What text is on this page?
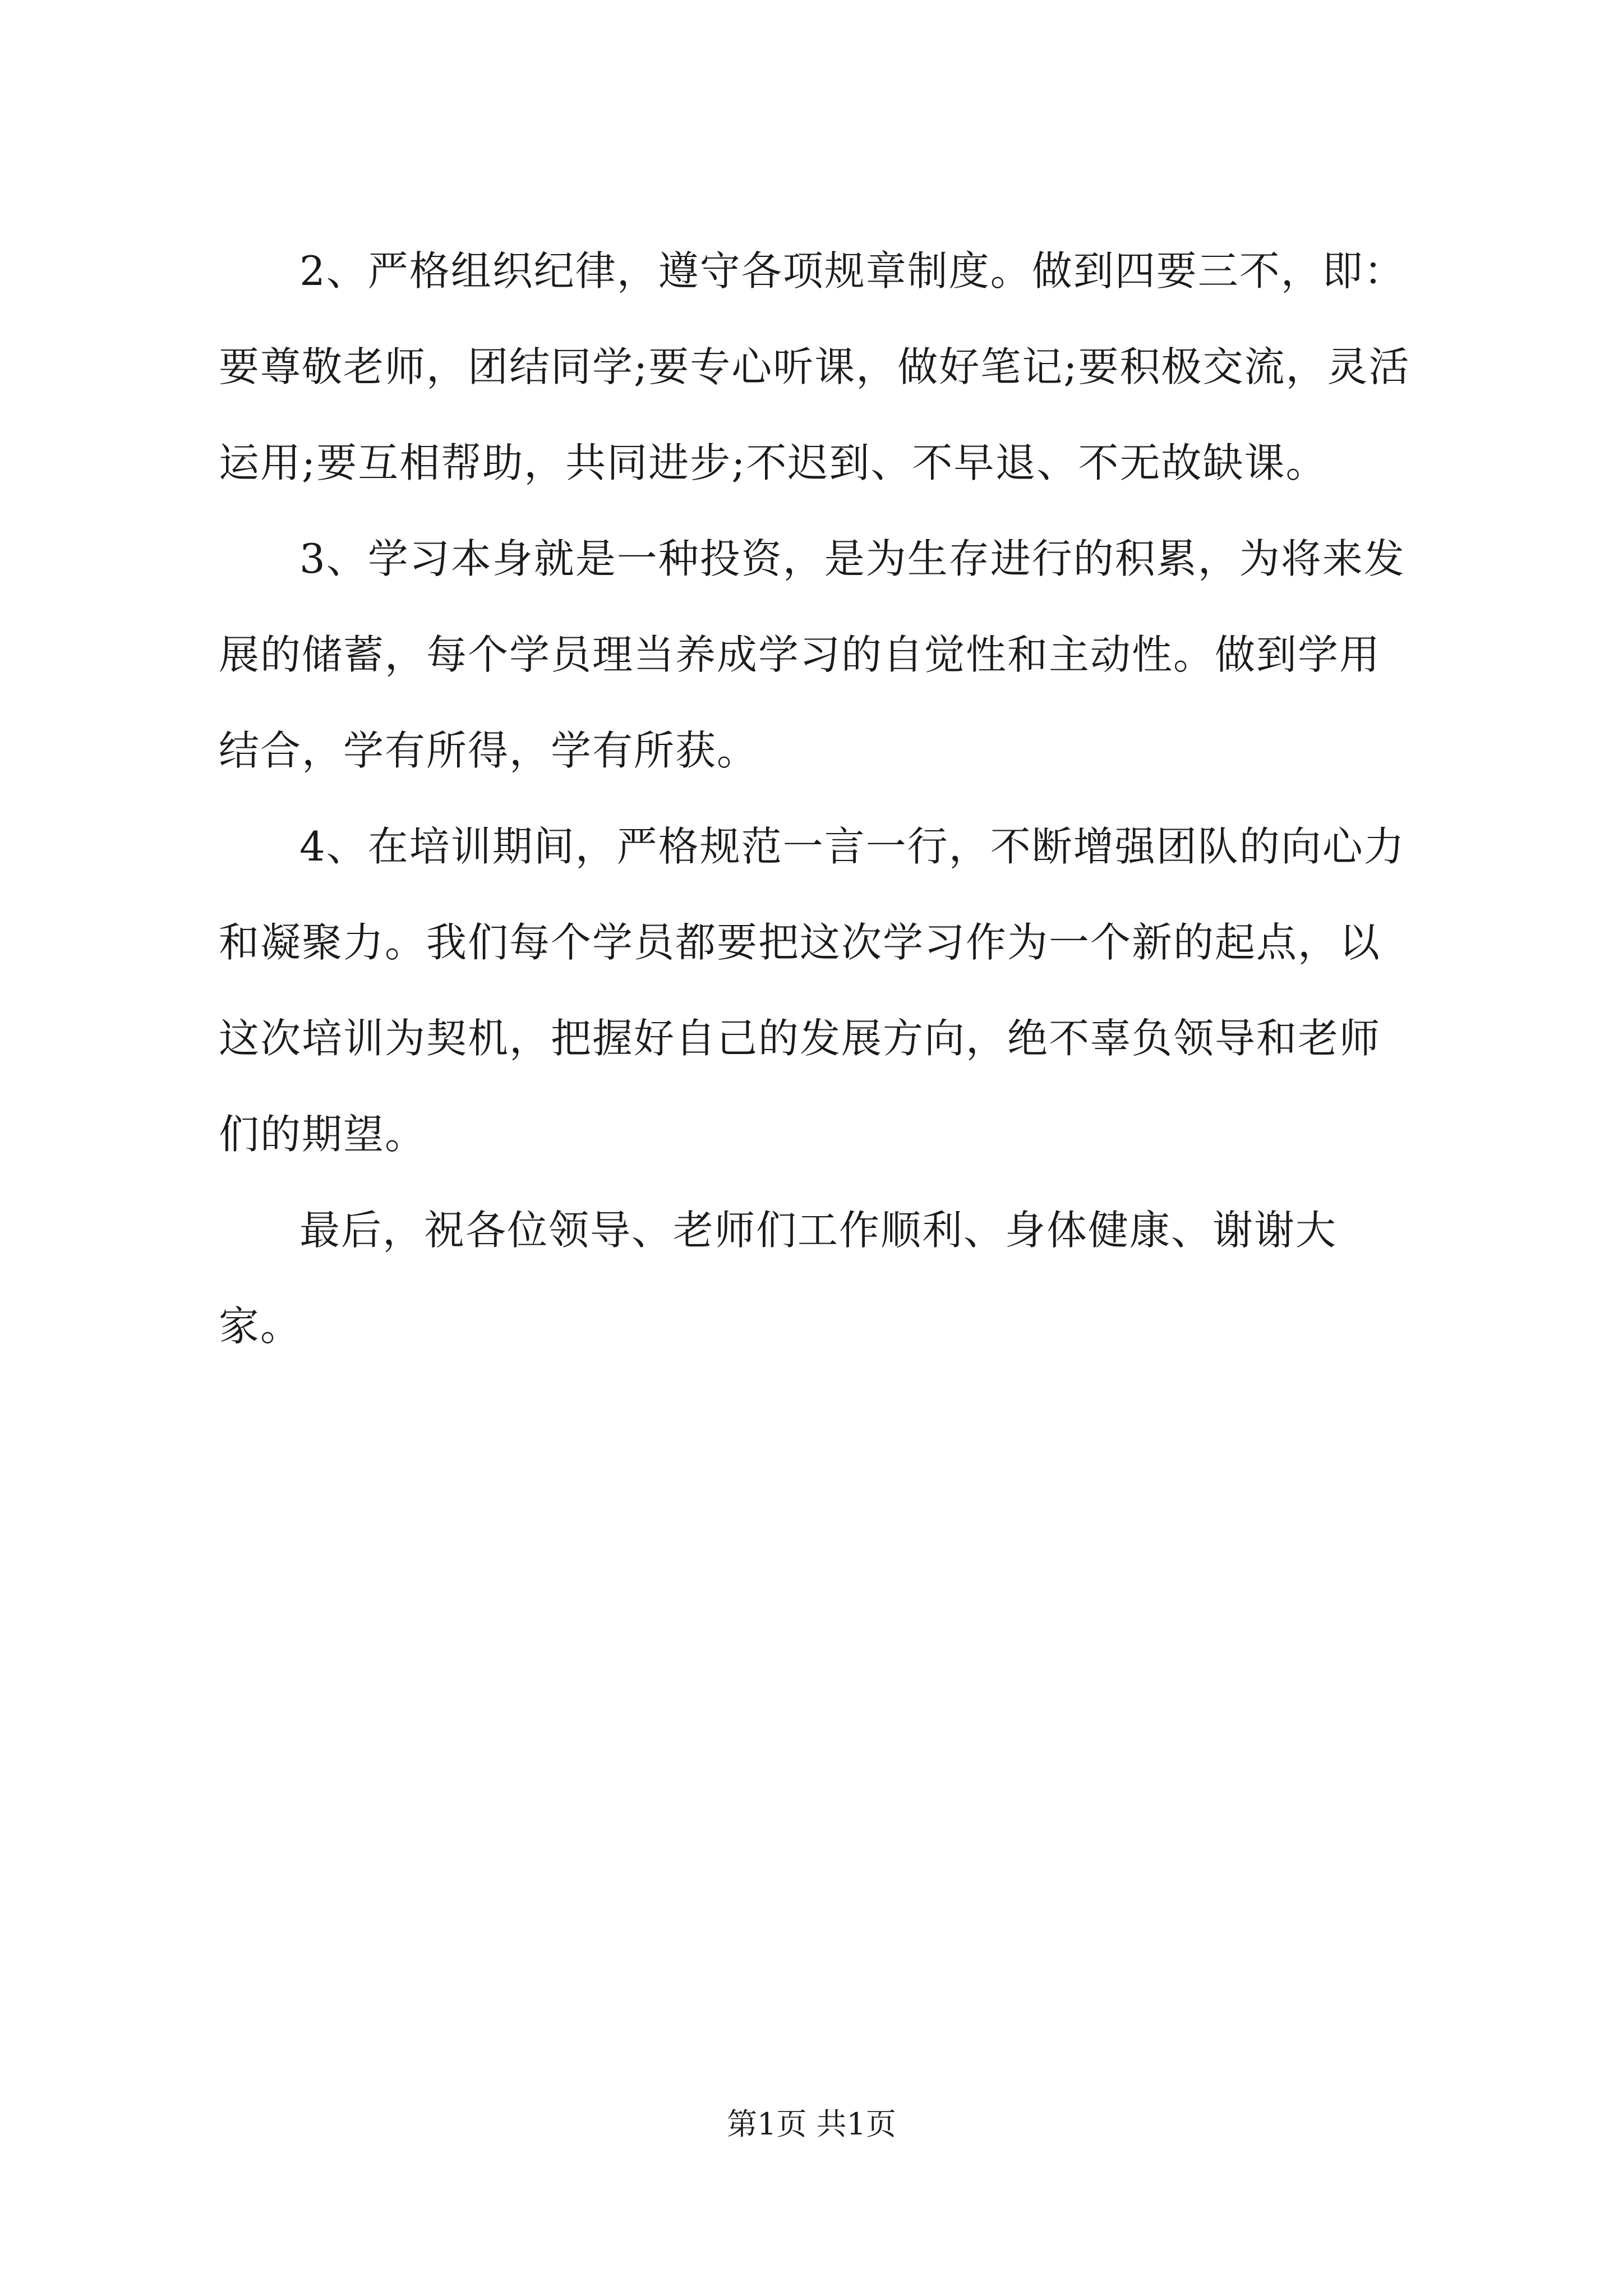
2、严格组织纪律，遵守各项规章制度。做到四要三不，即：要尊敬老师，团结同学;要专心听课，做好笔记;要积极交流，灵活运用;要互相帮助，共同进步;不迟到、不早退、不无故缺课。

3、学习本身就是一种投资，是为生存进行的积累，为将来发展的储蓄，每个学员理当养成学习的自觉性和主动性。做到学用结合，学有所得，学有所获。

4、在培训期间，严格规范一言一行，不断增强团队的向心力和凝聚力。我们每个学员都要把这次学习作为一个新的起点，以这次培训为契机，把握好自己的发展方向，绝不辜负领导和老师们的期望。

最后，祝各位领导、老师们工作顺利、身体健康、谢谢大家。

第1页 共1页
